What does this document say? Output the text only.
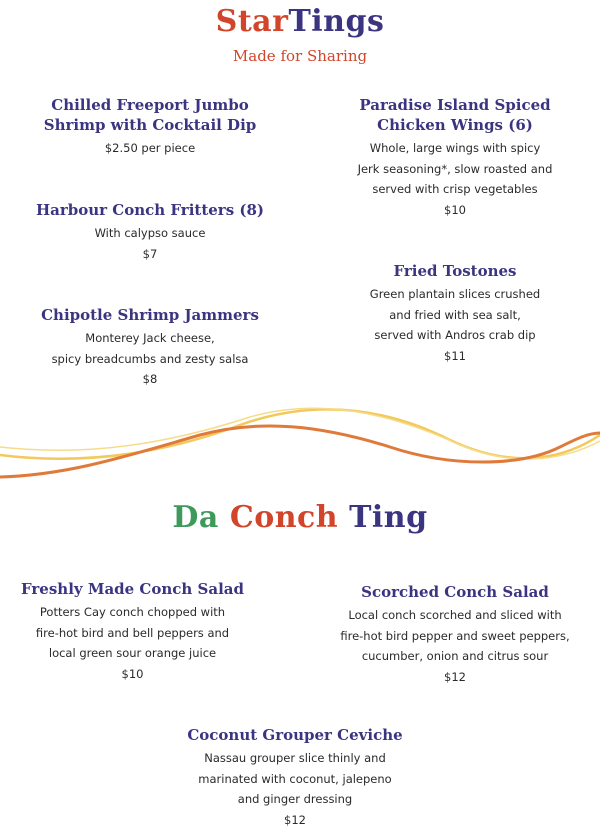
StarTings

Made for Sharing

Chilled Freeport Jumbo
Shrimp with Cocktail Dip

$2.50 per piece

Paradise Island Spiced
Chicken Wings (6)

Whole, large wings with spicy

Jerk seasoning*, slow roasted and

served with crisp vegetables

$10

Harbour Conch Fritters (8)

With calypso sauce

$7

Fried Tostones

Green plantain slices crushed

and fried with sea salt,

served with Andros crab dip

$11

Chipotle Shrimp Jammers

Monterey Jack cheese,

spicy breadcumbs and zesty salsa

$8

Da Conch Ting

Freshly Made Conch Salad

Potters Cay conch chopped with

fire-hot bird and bell peppers and

local green sour orange juice

$10

Scorched Conch Salad

Local conch scorched and sliced with

fire-hot bird pepper and sweet peppers,

cucumber, onion and citrus sour

$12

Coconut Grouper Ceviche

Nassau grouper slice thinly and

marinated with coconut, jalepeno

and ginger dressing

$12
